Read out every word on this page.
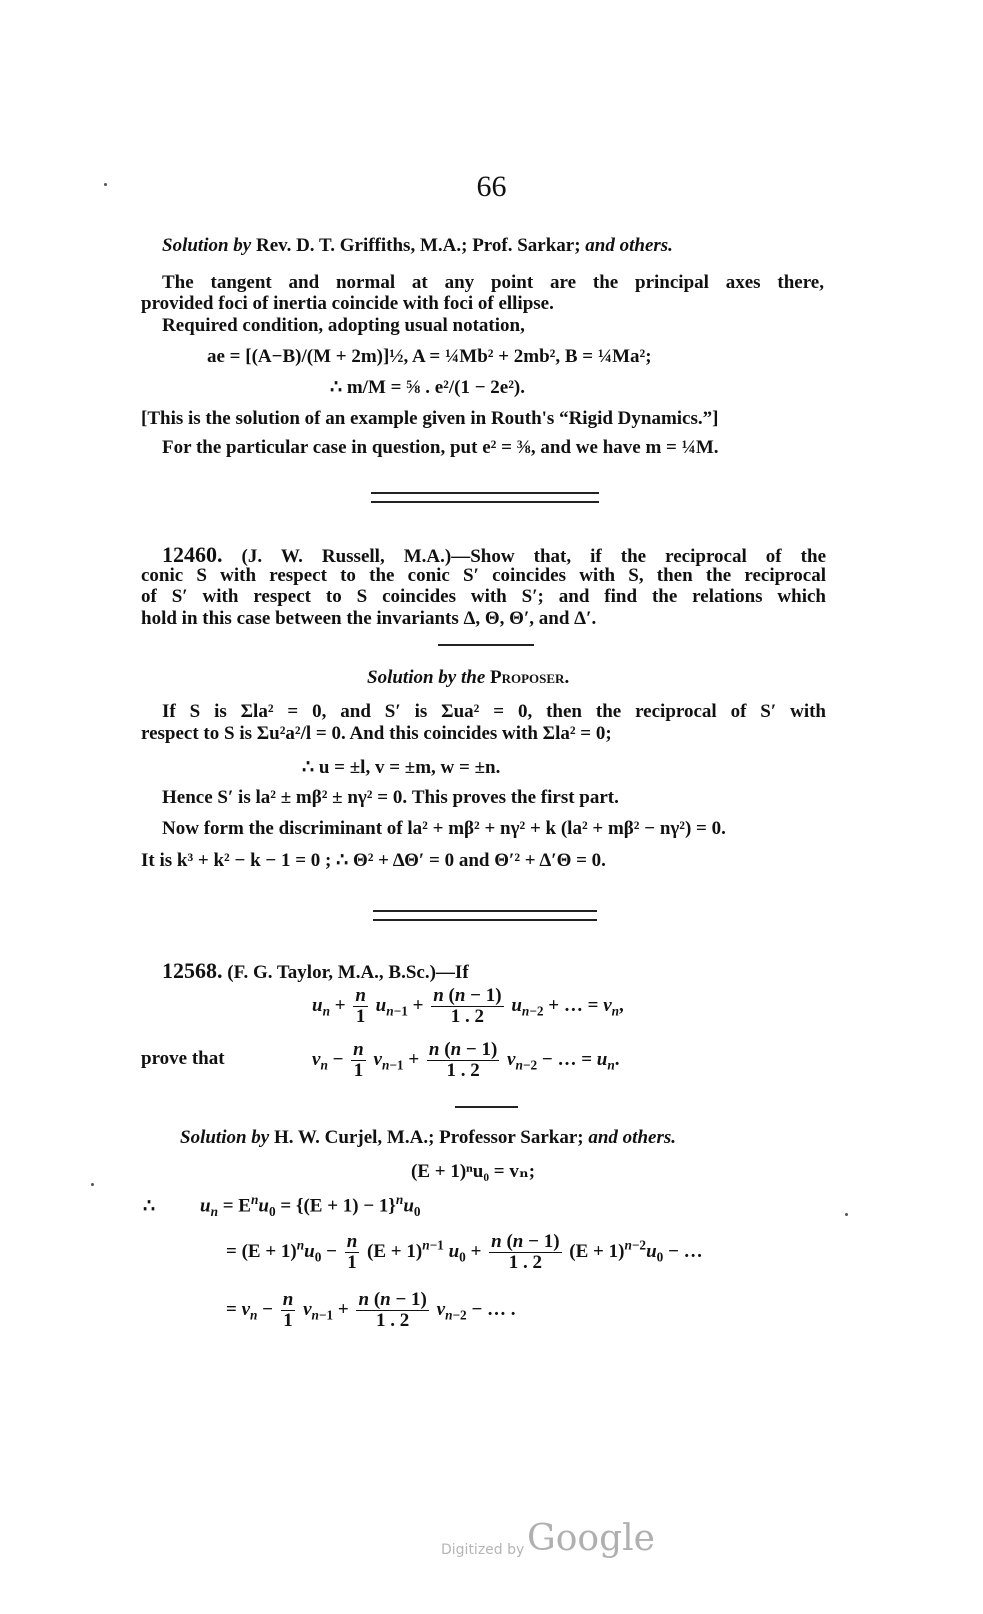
66
Solution by Rev. D. T. Griffiths, M.A.; Prof. Sarkar; and others.
The tangent and normal at any point are the principal axes there,
provided foci of inertia coincide with foci of ellipse.
Required condition, adopting usual notation,
ae = [(A−B)/(M + 2m)]½, A = ¼Mb² + 2mb², B = ¼Ma²;
∴ m/M = ⅝ . e²/(1 − 2e²).
[This is the solution of an example given in Routh's “Rigid Dynamics.”]
For the particular case in question, put e² = ⅜, and we have m = ¼M.
12460. (J. W. Russell, M.A.)—Show that, if the reciprocal of the
conic S with respect to the conic S′ coincides with S, then the reciprocal
of S′ with respect to S coincides with S′; and find the relations which
hold in this case between the invariants Δ, Θ, Θ′, and Δ′.
Solution by the Proposer.
If S is Σla² = 0, and S′ is Σua² = 0, then the reciprocal of S′ with
respect to S is Σu²a²/l = 0. And this coincides with Σla² = 0;
∴ u = ±l, v = ±m, w = ±n.
Hence S′ is la² ± mβ² ± nγ² = 0. This proves the first part.
Now form the discriminant of la² + mβ² + nγ² + k (la² + mβ² − nγ²) = 0.
It is k³ + k² − k − 1 = 0 ; ∴ Θ² + ΔΘ′ = 0 and Θ′² + Δ′Θ = 0.
12568. (F. G. Taylor, M.A., B.Sc.)—If
$u_n + \frac{n}{1} u_{n-1} + \frac{n (n - 1)}{1 . 2} u_{n-2}$ + … = $v_n$,
prove that	$v_n - \frac{n}{1} v_{n-1} + \frac{n (n - 1)}{1 . 2} v_{n-2}$ − … = $u_n$.
Solution by H. W. Curjel, M.A.; Professor Sarkar; and others.
(E + 1)ⁿu₀ = vₙ;
∴ $u_n = E^nu_0 = \{(E + 1) - 1\}^nu_0$
= $(E + 1)^nu_0 - \frac{n}{1} (E + 1)^{n-1}$ $u_0 + \frac{n (n - 1)}{1 . 2} (E + 1)^{n-2}u_0$ − …
= $v_n - \frac{n}{1} v_{n-1} + \frac{n (n - 1)}{1 . 2} v_{n-2}$ − … .
Digitized by Google
